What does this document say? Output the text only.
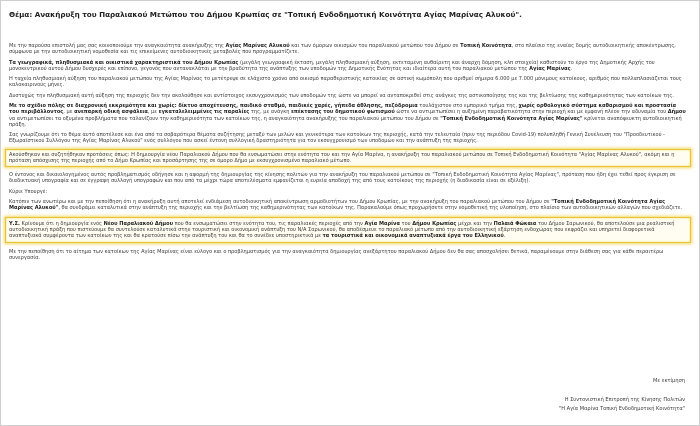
Θέμα: Ανακήρυξη του Παραλιακού Μετώπου του Δήμου Κρωπίας σε "Τοπική Ενδοδημοτική Κοινότητα Αγίας Μαρίνας Αλυκού".

Με την παρούσα επιστολή μας σας κοινοποιούμε την αναγκαιότητα ανακήρυξης της Αγίας Μαρίνας Αλυκού και των όμορων οικισμών του παραλιακού μετώπου του Δήμου σε Τοπική Κοινότητα, στο πλαίσιο της εναίας δομής αυτοδιοικητικής αποκέντρωσης, σύμφωνα με την αυτοδιοικητική νομοθεσία και τις επικείμενες αυτοδιοικητικές μεταβολές που προγραμματίζετε.

Τα γεωγραφικά, πληθυσμιακά και οικιστικά χαρακτηριστικά του Δήμου Κρωπίας (μεγάλη γεωγραφική έκταση, μεγάλη πληθυσμιακή αύξηση, εκτεταμένη αυθαίρετη και άναρχη δόμηση, κλπ στοιχεία) καθιστούν το έργο της Δημοτικής Αρχής του μονοκεντρικού αυτού Δήμου δυσχερές και επίπονο, γεγονός που αντανακλάται με την βραδύτητα της ανάπτυξης των υποδομών της Δημοτικής Ενότητας και ιδιαίτερα αυτή του παραλιακού μετώπου της Αγίας Μαρίνας.

Η ταχεία πληθυσμιακή αύξηση του παραλιακού μετώπου της Αγίας Μαρίνας το μετέτρεψε σε ελάχιστο χρόνο από οικισμό παραθεριστικής κατοικίας σε αστική κωμόπολη που αριθμεί σήμερα 6.000 με 7.000 μόνιμους κατοίκους, αριθμός που πολλαπλασιάζεται τους καλοκαιρινούς μήνες.

Δυστυχώς την πληθυσμιακή αυτή αύξηση της περιοχής δεν την ακολούθησε και αντίστοιχος εκσυγχρονισμός των υποδομών της ώστε να μπορεί να ανταποκριθεί στις ανάγκες της αστικοποίησης της και της βελτίωσης της καθημερινότητας των κατοίκων της.

Με το σχέδιο πόλης σε διαχρονική εκκρεμότητα και χωρίς: δίκτυο αποχέτευσης, παιδικό σταθμό, παιδικές χαρές, γήπεδα άθλησης, πεζόδρομια τουλάχιστον στο εμπορικό τμήμα της, χωρίς ορθολογικό σύστημα καθαρισμού και προστασία του περιβάλλοντος, με ανεπαρκή οδική ασφάλεια, με εγκαταλελειμμένες τις παραλίες της, με ανάγκη επέκτασης του δημοτικού φωτισμού ώστε να αντιμετωπίσει η αυξημένη παραβατικότητα στην περιοχή και με εμφανή πλέον την αδυναμία του Δήμου να αντιμετωπίσει τα οξυμένα προβλήματα που ταλανίζουν την καθημερινότητα των κατοίκων της, η αναγκαιότητα ανακήρυξης του παραλιακού μετώπου του Δήμου σε "Τοπική Ενδοδημοτική Κοινότητα Αγίας Μαρίνας" κρίνεται αναπόφευκτη αυτοδιοικητική πράξη.

Σας γνωρίζουμε ότι το θέμα αυτό αποτέλεσε και ένα από τα σοβαρότερα θέματα συζήτησης μεταξύ των μελών και γενικότερα των κατοίκων της περιοχής, κατά την τελευταία (πριν της περιόδου Covid-19) πολυπληθή Γενική Συνέλευση του "Προοδευτικού - Εξωραϊστικού Συλλόγου της Αγίας Μαρίνας Αλυκού" ενός συλλόγου που ασκεί έντονη συλλογική δραστηριότητα για τον εκσυγχρονισμό των υποδομών και την ανάπτυξη της περιοχής.

Ακούσθηκαν και συζητήθηκαν προτάσεις όπως: Η δημιουργία νέου Παραλιακού Δήμου που θα ενσωματώσει στην ενότητα του και την Αγία Μαρίνα, η ανακήρυξη του παραλιακού μετώπου σε Τοπική Ενδοδημοτική Κοινότητα "Αγίας Μαρίνας Αλυκού", ακόμη και η πρόταση απόσχισης της περιοχής από το Δήμο Κρωπίας και προσάρτησης της σε όμορο Δήμο με εκσυγχρονισμένο παραλιακό μέτωπο.

Ο έντονος και δικαιολογημένος αυτός προβληματισμός οδήγησε και η αφορμή της δημιουργίας της κίνησης πολιτών για την ανακήρυξη του παραλιακού μετώπου σε "Τοπική Ενδοδημοτική Κοινότητα Αγίας Μαρίνας", πρόταση που ήδη έχει τεθεί προς έγκριση σε διαδικτυακή υπογραφία και σε έγγραφη συλλογή υπογραφών και που από τα μέχρι τώρα αποτελέσματα εμφανίζεται η ευρεία αποδοχή της από τους κατοίκους της περιοχής (η διαδικασία είναι σε εξέλιξη).

Κύριε Υπουργέ:

Κατόπιν των ανωτέρω και με την πεποίθηση ότι η ανακήρυξη αυτή αποτελεί ενδιάμεση αυτοδιοικητική αποκέντρωση αρμοδιοτήτων του Δήμου Κρωπίας, με την ανακήρυξη του παραλιακού μετώπου του Δήμου σε "Τοπική Ενδοδημοτική Κοινότητα Αγίας Μαρίνας Αλυκού", θα συνδράμει καταλυτικά στην ανάπτυξη της περιοχής και την βελτίωση της καθημερινότητας των κατοίκων της. Παρακαλούμε όπως προχωρήσετε στην νομοθετική της υλοποίηση, στο πλαίσιο των αυτοδιοικητικών αλλαγών που σχεδιάζετε.

Υ.Σ. Κρίνουμε ότι η δημιουργία ενός Νέου Παραλιακού Δήμου που θα ενσωματώσει στην ενότητα του, τις παραλιακές περιοχές από την Αγία Μαρίνα του Δήμου Κρωπίας μέχρι και την Παλαιά Φώκαια του Δήμου Σαρωνικού, θα αποτελούσε μια ρεαλιστική αυτοδιοικητική πράξη που πιστεύουμε θα συντελούσε καταλυτικά στην τουριστική και οικονομική ανάπτυξη του Ν/Α Σαρωνικού, θα αποδέσμευε το παραλιακό μέτωπο από την αυτοδιοικητική εξάρτηση ενδοχώρας που εκφράζει και υπηρετεί διαφορετικά αναπτυξιακά συμφέροντα των κατοίκων της και θα κρατούσε πίσω την ανάπτυξη του και θα το συνέδεε υποστηρικτικά με τα τουριστικά και οικονομικά αναπτυξιακά έργα του Ελληνικού.

Με την πεποίθηση ότι το αίτημα των κατοίκων της Αγίας Μαρίνας είναι εύλογο και ο προβληματισμός για την αναγκαιότητα δημιουργίας ανεξάρτητου παραλιακού Δήμου δεν θα σας αποσχολήσει θετικά, παραμένουμε στην διάθεση σας για κάθε περαιτέρω συνεργασία.

Με εκτίμηση
Η Συντονιστική Επιτροπή της Κίνησης Πολιτών
"Η Αγία Μαρίνα Τοπική Ενδοδημοτική Κοινότητα"
